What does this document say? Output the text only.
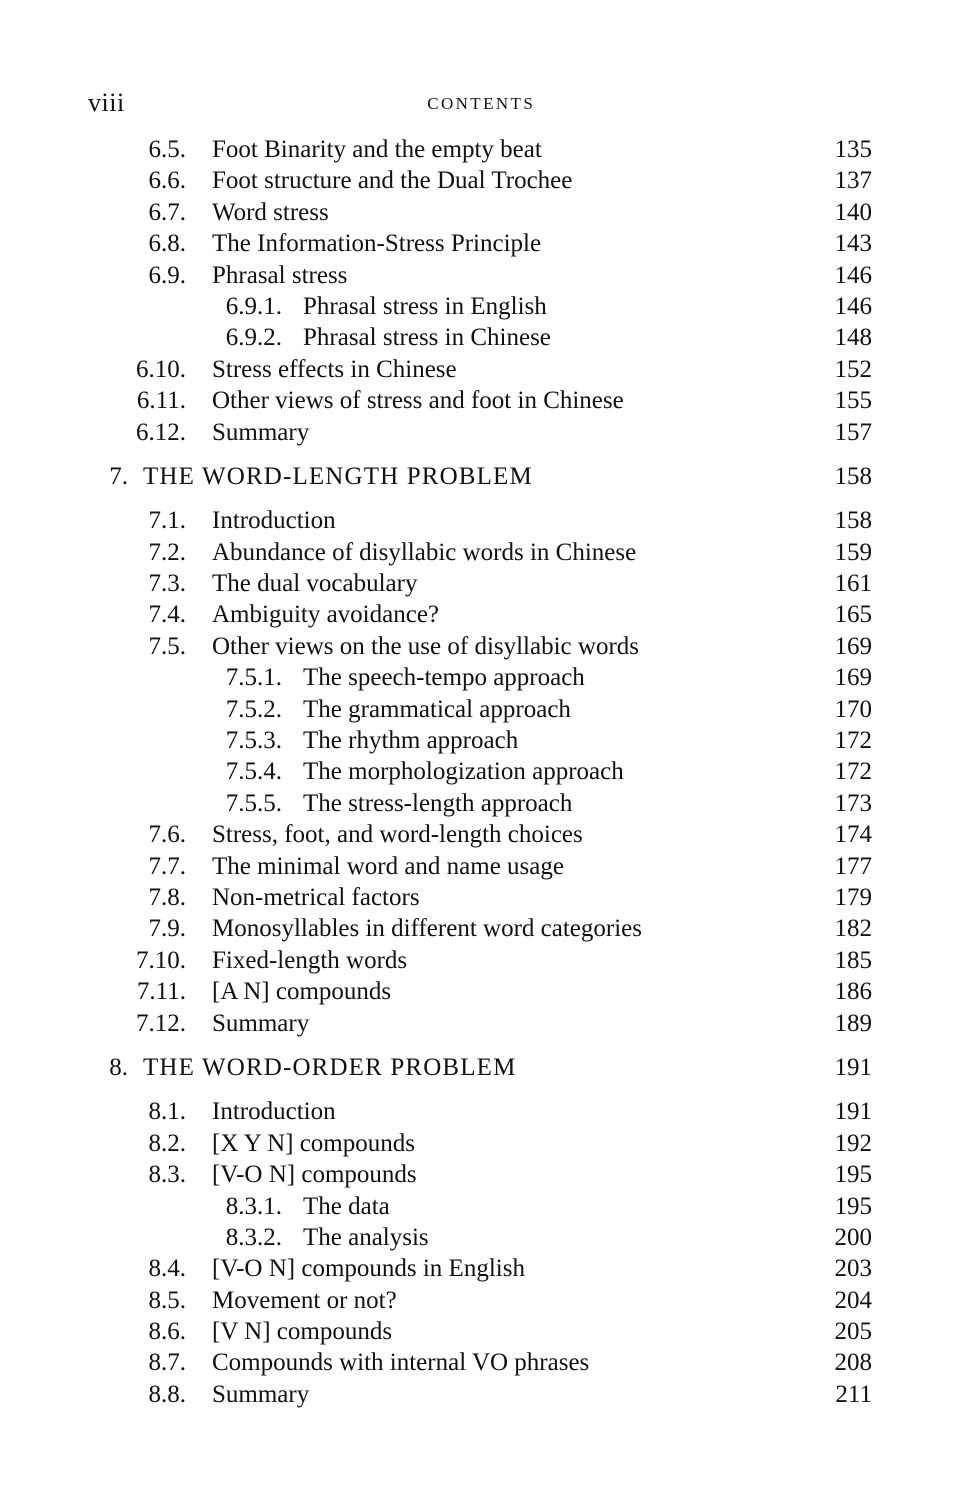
viii	CONTENTS
6.5. Foot Binarity and the empty beat	135
6.6. Foot structure and the Dual Trochee	137
6.7. Word stress	140
6.8. The Information-Stress Principle	143
6.9. Phrasal stress	146
6.9.1. Phrasal stress in English	146
6.9.2. Phrasal stress in Chinese	148
6.10. Stress effects in Chinese	152
6.11. Other views of stress and foot in Chinese	155
6.12. Summary	157
7. THE WORD-LENGTH PROBLEM	158
7.1. Introduction	158
7.2. Abundance of disyllabic words in Chinese	159
7.3. The dual vocabulary	161
7.4. Ambiguity avoidance?	165
7.5. Other views on the use of disyllabic words	169
7.5.1. The speech-tempo approach	169
7.5.2. The grammatical approach	170
7.5.3. The rhythm approach	172
7.5.4. The morphologization approach	172
7.5.5. The stress-length approach	173
7.6. Stress, foot, and word-length choices	174
7.7. The minimal word and name usage	177
7.8. Non-metrical factors	179
7.9. Monosyllables in different word categories	182
7.10. Fixed-length words	185
7.11. [A N] compounds	186
7.12. Summary	189
8. THE WORD-ORDER PROBLEM	191
8.1. Introduction	191
8.2. [X Y N] compounds	192
8.3. [V-O N] compounds	195
8.3.1. The data	195
8.3.2. The analysis	200
8.4. [V-O N] compounds in English	203
8.5. Movement or not?	204
8.6. [V N] compounds	205
8.7. Compounds with internal VO phrases	208
8.8. Summary	211
